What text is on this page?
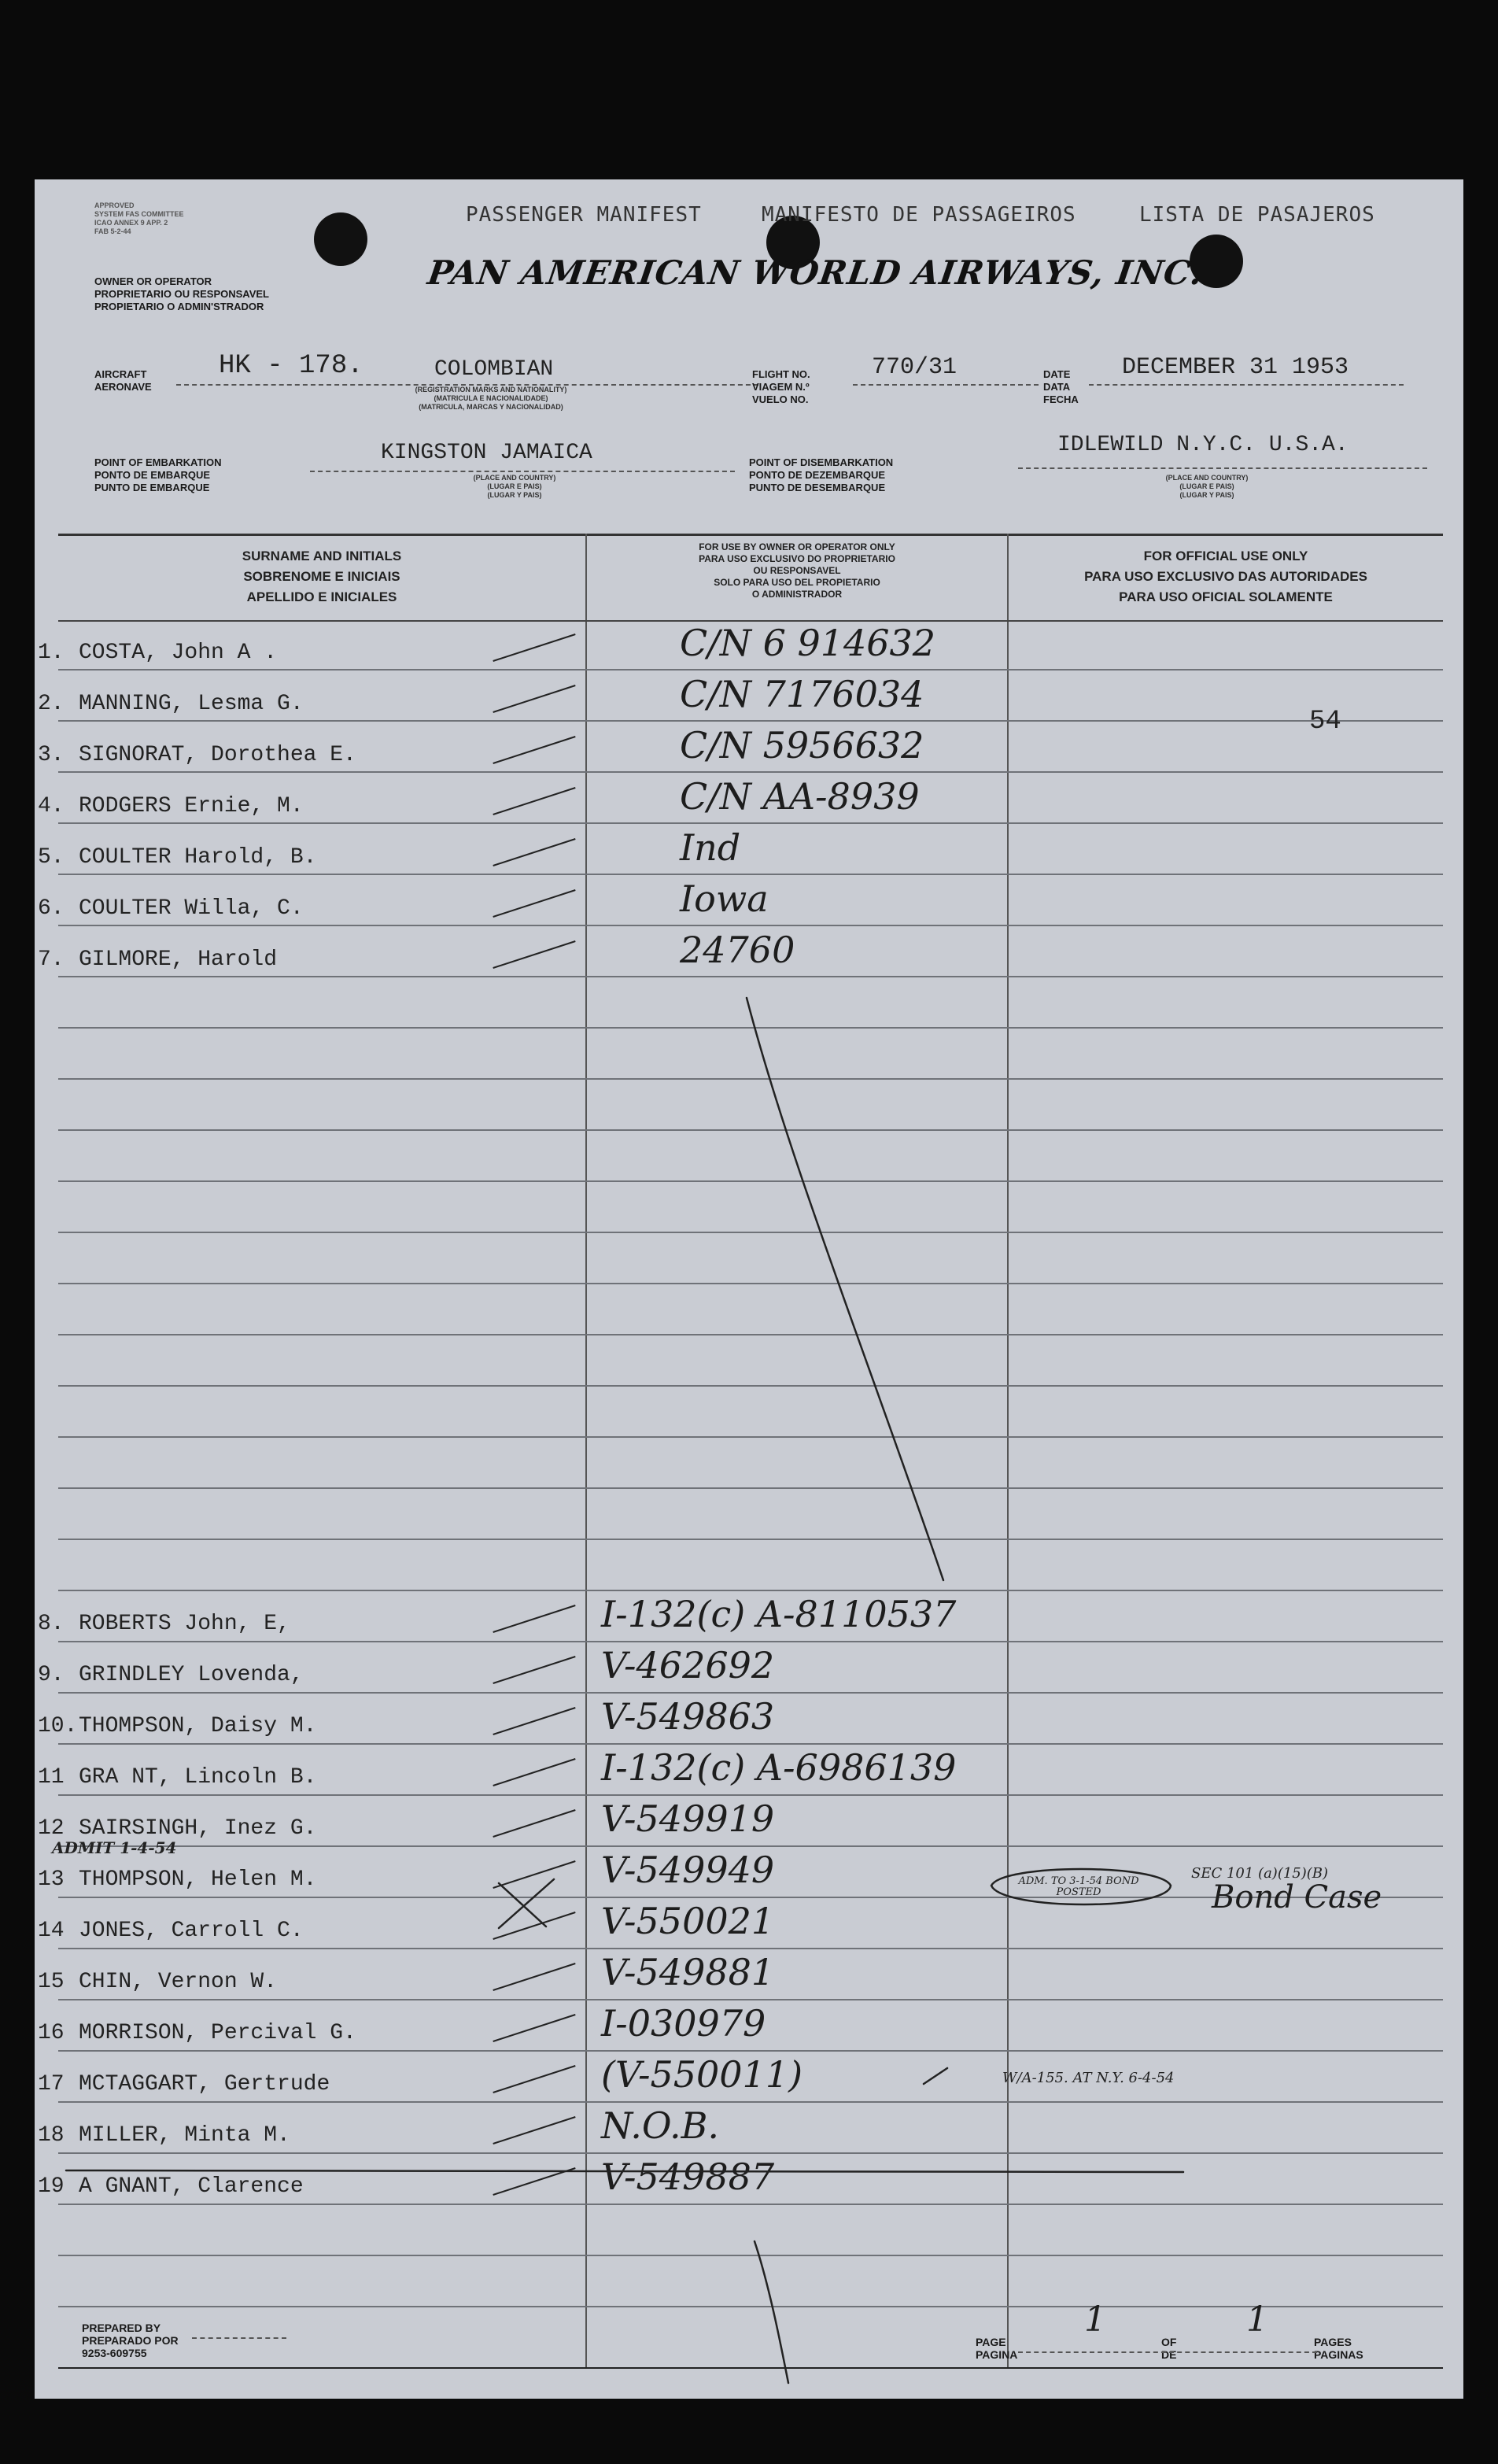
APPROVED
SYSTEM FAS COMMITTEE
ICAO ANNEX 9 APP. 2
FAB 5-2-44
PASSENGER MANIFEST	MANIFESTO DE PASSAGEIROS	LISTA DE PASAJEROS
OWNER OR OPERATOR
PROPRIETARIO OU RESPONSAVEL
PROPIETARIO O ADMIN'STRADOR
PAN AMERICAN WORLD AIRWAYS, INC.
AIRCRAFT
AERONAVE
HK - 178.	COLOMBIAN
(REGISTRATION MARKS AND NATIONALITY)
(MATRICULA E NACIONALIDADE)
(MATRICULA, MARCAS Y NACIONALIDAD)
FLIGHT NO.
VIAGEM N.º
VUELO NO.
770/31	DATE
DATA
FECHA
DECEMBER 31 1953
POINT OF EMBARKATION
PONTO DE EMBARQUE
PUNTO DE EMBARQUE
KINGSTON JAMAICA
(PLACE AND COUNTRY)
(LUGAR E PAIS)
(LUGAR Y PAIS)
POINT OF DISEMBARKATION
PONTO DE DEZEMBARQUE
PUNTO DE DESEMBARQUE
IDLEWILD N.Y.C. U.S.A.
(PLACE AND COUNTRY)
(LUGAR E PAIS)
(LUGAR Y PAIS)
SURNAME AND INITIALS
SOBRENOME E INICIAIS
APELLIDO E INICIALES
FOR USE BY OWNER OR OPERATOR ONLY
PARA USO EXCLUSIVO DO PROPRIETARIO
OU RESPONSAVEL
SOLO PARA USO DEL PROPIETARIO
O ADMINISTRADOR
FOR OFFICIAL USE ONLY
PARA USO EXCLUSIVO DAS AUTORIDADES
PARA USO OFICIAL SOLAMENTE
1. COSTA, John A .	C/N 6 914632
2. MANNING, Lesma G.	C/N 7176034
3. SIGNORAT, Dorothea E.	C/N 5956632
4. RODGERS Ernie, M.	C/N AA-8939
5. COULTER Harold, B.	Ind
6. COULTER Willa, C.	Iowa
7. GILMORE, Harold	24760
8. ROBERTS John, E,	I-132(c) A-8110537
9. GRINDLEY Lovenda,	V-462692
10. THOMPSON, Daisy M.	V-549863
11 GRA NT, Lincoln B.	I-132(c) A-6986139
12 SAIRSINGH, Inez G.	V-549919
13 THOMPSON, Helen M.	V-549949
14 JONES, Carroll C.	V-550021
15 CHIN, Vernon W.	V-549881
16 MORRISON, Percival G.	I-030979
17 MCTAGGART, Gertrude	(V-550011)
18 MILLER, Minta M.	N.O.B.
19 A GNANT, Clarence	V-549887
54
ADMIT 1-4-54
ADM. TO 3-1-54 BOND POSTED
SEC 101 (a)(15)(B)
Bond Case
W/A-155. AT N.Y. 6-4-54
PREPARED BY
PREPARADO POR
9253-609755
PAGE
PAGINA
1
OF
DE
1
PAGES
PAGINAS
